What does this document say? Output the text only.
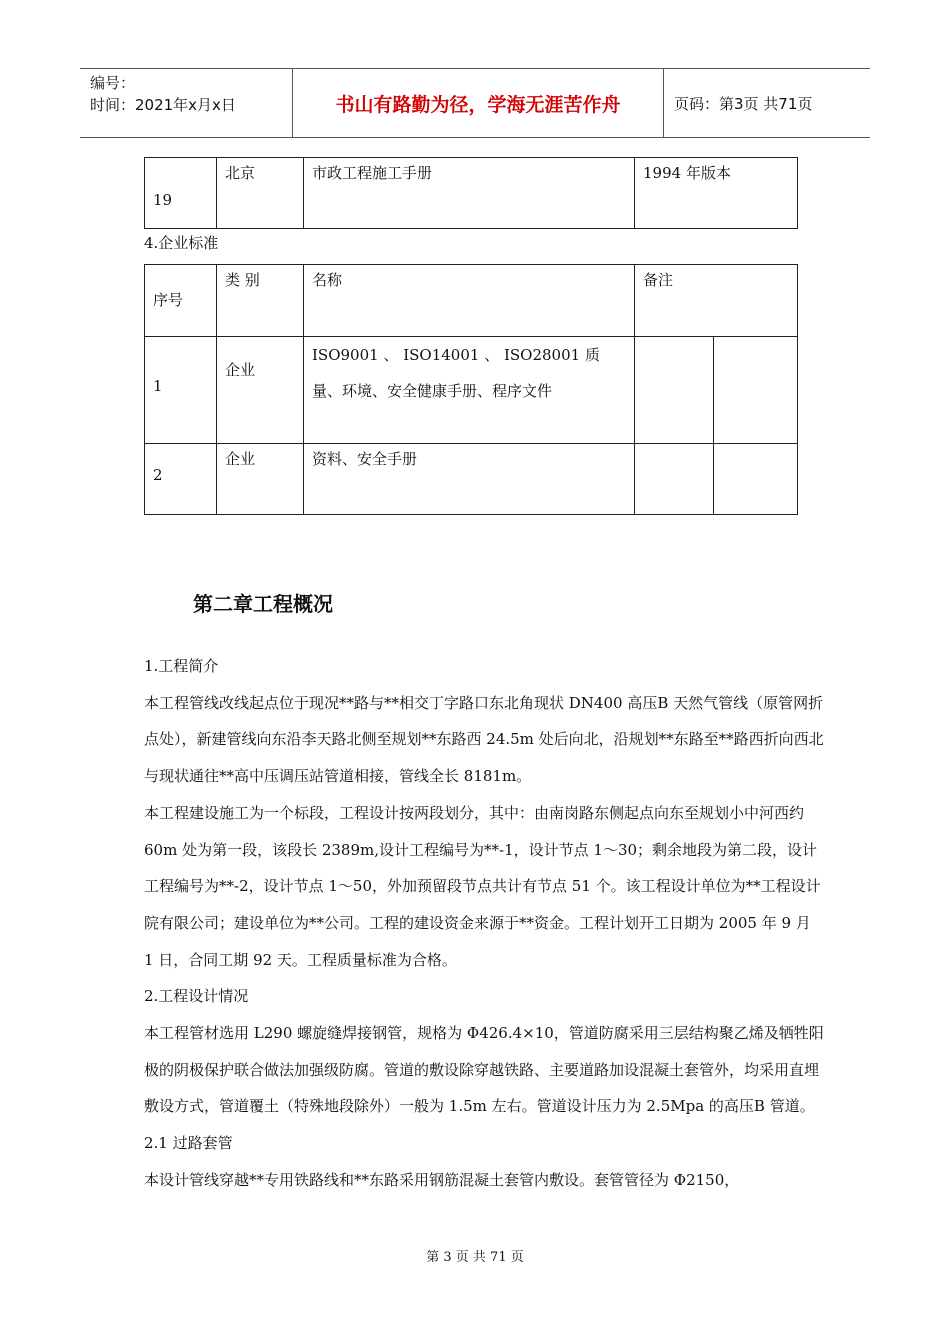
编号：
时间：2021年x月x日	书山有路勤为径，学海无涯苦作舟	页码：第3页 共71页
19	北京	市政工程施工手册	1994 年版本
4.企业标准
序号	类 别	名称	备注	
1	企业	ISO9001 、 ISO14001 、 ISO28001 质量、环境、安全健康手册、程序文件		
2	企业	资料、安全手册		
第二章工程概况

1.工程简介

本工程管线改线起点位于现况**路与**相交丁字路口东北角现状 DN400 高压B 天然气管线（原管网折点处），新建管线向东沿李天路北侧至规划**东路西 24.5m 处后向北，沿规划**东路至**路西折向西北与现状通往**高中压调压站管道相接，管线全长 8181m。

本工程建设施工为一个标段，工程设计按两段划分，其中：由南岗路东侧起点向东至规划小中河西约 60m 处为第一段，该段长 2389m,设计工程编号为**-1，设计节点 1～30；剩余地段为第二段，设计工程编号为**-2，设计节点 1～50，外加预留段节点共计有节点 51 个。该工程设计单位为**工程设计院有限公司；建设单位为**公司。工程的建设资金来源于**资金。工程计划开工日期为 2005 年 9 月 1 日，合同工期 92 天。工程质量标准为合格。

2.工程设计情况

本工程管材选用 L290 螺旋缝焊接钢管，规格为 Φ426.4×10，管道防腐采用三层结构聚乙烯及牺牲阳极的阴极保护联合做法加强级防腐。管道的敷设除穿越铁路、主要道路加设混凝土套管外，均采用直埋敷设方式，管道覆土（特殊地段除外）一般为 1.5m 左右。管道设计压力为 2.5Mpa 的高压B 管道。

2.1 过路套管

本设计管线穿越**专用铁路线和**东路采用钢筋混凝土套管内敷设。套管管径为 Φ2150，

第 3 页 共 71 页
